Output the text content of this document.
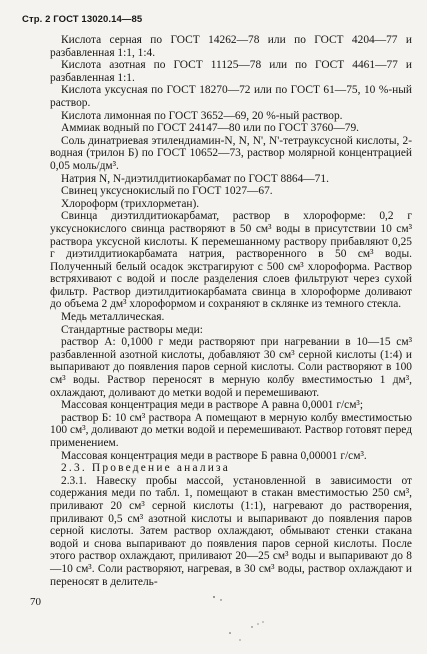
Стр. 2 ГОСТ 13020.14—85

Кислота серная по ГОСТ 14262—78 или по ГОСТ 4204—77 и разбавленная 1:1, 1:4.

Кислота азотная по ГОСТ 11125—78 или по ГОСТ 4461—77 и разбавленная 1:1.

Кислота уксусная по ГОСТ 18270—72 или по ГОСТ 61—75, 10 %-ный раствор.

Кислота лимонная по ГОСТ 3652—69, 20 %-ный раствор.

Аммиак водный по ГОСТ 24147—80 или по ГОСТ 3760—79.

Соль динатриевая этилендиамин-N, N, N', N'-тетрауксусной кислоты, 2-водная (трилон Б) по ГОСТ 10652—73, раствор молярной концентрацией 0,05 моль/дм³.

Натрия N, N-диэтилдитиокарбамат по ГОСТ 8864—71.

Свинец уксуснокислый по ГОСТ 1027—67.

Хлороформ (трихлорметан).

Свинца диэтилдитиокарбамат, раствор в хлороформе: 0,2 г уксуснокислого свинца растворяют в 50 см³ воды в присутствии 10 см³ раствора уксусной кислоты. К перемешанному раствору прибавляют 0,25 г диэтилдитиокарбамата натрия, растворенного в 50 см³ воды. Полученный белый осадок экстрагируют с 500 см³ хлороформа. Раствор встряхивают с водой и после разделения слоев фильтруют через сухой фильтр. Раствор диэтилдитиокарбамата свинца в хлороформе доливают до объема 2 дм³ хлороформом и сохраняют в склянке из темного стекла.

Медь металлическая.

Стандартные растворы меди:

раствор А: 0,1000 г меди растворяют при нагревании в 10—15 см³ разбавленной азотной кислоты, добавляют 30 см³ серной кислоты (1:4) и выпаривают до появления паров серной кислоты. Соли растворяют в 100 см³ воды. Раствор переносят в мерную колбу вместимостью 1 дм³, охлаждают, доливают до метки водой и перемешивают.

Массовая концентрация меди в растворе А равна 0,0001 г/см³;

раствор Б: 10 см³ раствора А помещают в мерную колбу вместимостью 100 см³, доливают до метки водой и перемешивают. Раствор готовят перед применением.

Массовая концентрация меди в растворе Б равна 0,00001 г/см³.

2.3. Проведение анализа

2.3.1. Навеску пробы массой, установленной в зависимости от содержания меди по табл. 1, помещают в стакан вместимостью 250 см³, приливают 20 см³ серной кислоты (1:1), нагревают до растворения, приливают 0,5 см³ азотной кислоты и выпаривают до появления паров серной кислоты. Затем раствор охлаждают, обмывают стенки стакана водой и снова выпаривают до появления паров серной кислоты. После этого раствор охлаждают, приливают 20—25 см³ воды и выпаривают до 8—10 см³. Соли растворяют, нагревая, в 30 см³ воды, раствор охлаждают и переносят в делитель-

70
